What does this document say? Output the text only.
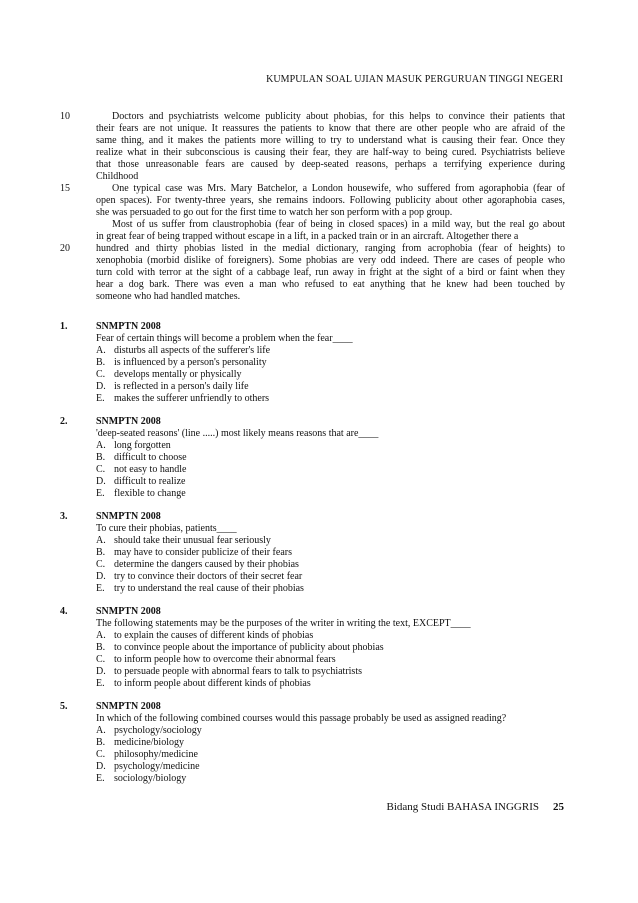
KUMPULAN SOAL UJIAN MASUK PERGURUAN TINGGI NEGERI
10	Doctors and psychiatrists welcome publicity about phobias, for this helps to convince their patients that
their fears are not unique. It reassures the patients to know that there are other people who are afraid of the
same thing, and it makes the patients more willing to try to understand what is causing their fear. Once they
realize what in their subconscious is causing their fear, they are half-way to being cured. Psychiatrists believe
that those unreasonable fears are caused by deep-seated reasons, perhaps a terrifying experience during
Childhood
15	One typical case was Mrs. Mary Batchelor, a London housewife, who suffered from agoraphobia (fear of
open spaces). For twenty-three years, she remains indoors. Following publicity about other agoraphobia cases,
she was persuaded to go out for the first time to watch her son perform with a pop group.
Most of us suffer from claustrophobia (fear of being in closed spaces) in a mild way, but the real go about
in great fear of being trapped without escape in a lift, in a packed train or in an aircraft. Altogether there a
20	hundred and thirty phobias listed in the medial dictionary, ranging from acrophobia (fear of heights) to
xenophobia (morbid dislike of foreigners). Some phobias are very odd indeed. There are cases of people who
turn cold with terror at the sight of a cabbage leaf, run away in fright at the sight of a bird or faint when they
hear a dog bark. There was even a man who refused to eat anything that he knew had been touched by
someone who had handled matches.
1.	SNMPTN 2008
Fear of certain things will become a problem when the fear____
A. disturbs all aspects of the sufferer's life
B. is influenced by a person's personality
C. develops mentally or physically
D. is reflected in a person's daily life
E. makes the sufferer unfriendly to others
2.	SNMPTN 2008
'deep-seated reasons' (line .....) most likely means reasons that are____
A. long forgotten
B. difficult to choose
C. not easy to handle
D. difficult to realize
E. flexible to change
3.	SNMPTN 2008
To cure their phobias, patients____
A. should take their unusual fear seriously
B. may have to consider publicize of their fears
C. determine the dangers caused by their phobias
D. try to convince their doctors of their secret fear
E. try to understand the real cause of their phobias
4.	SNMPTN 2008
The following statements may be the purposes of the writer in writing the text, EXCEPT____
A. to explain the causes of different kinds of phobias
B. to convince people about the importance of publicity about phobias
C. to inform people how to overcome their abnormal fears
D. to persuade people with abnormal fears to talk to psychiatrists
E. to inform people about different kinds of phobias
5.	SNMPTN 2008
In which of the following combined courses would this passage probably be used as assigned reading?
A. psychology/sociology
B. medicine/biology
C. philosophy/medicine
D. psychology/medicine
E. sociology/biology
Bidang Studi BAHASA INGGRIS 25
